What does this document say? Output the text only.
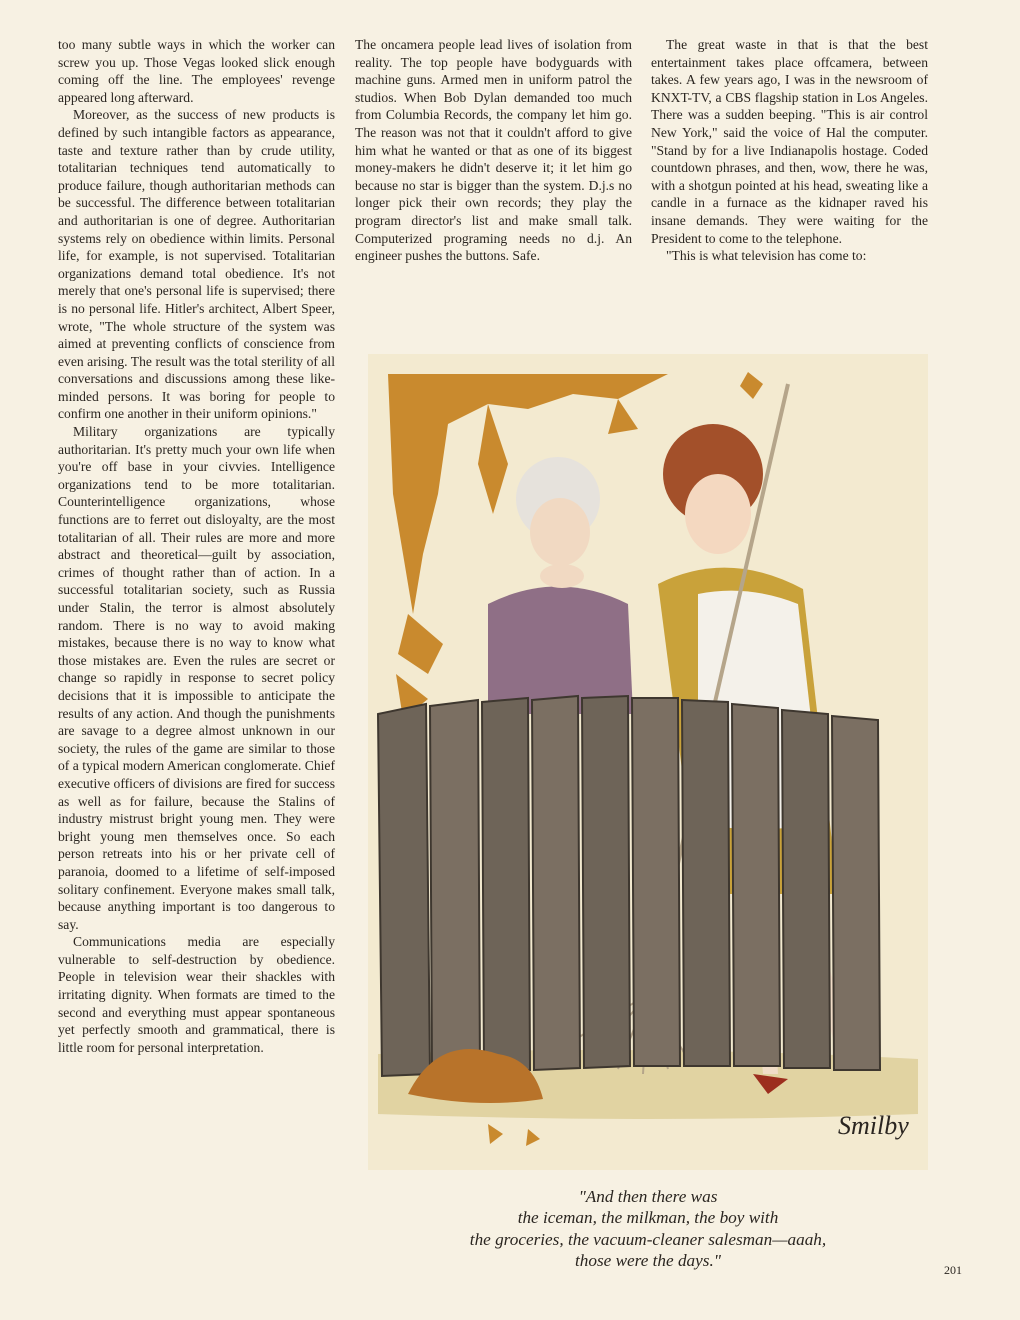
too many subtle ways in which the worker can screw you up. Those Vegas looked slick enough coming off the line. The employees' revenge appeared long afterward.

Moreover, as the success of new products is defined by such intangible factors as appearance, taste and texture rather than by crude utility, totalitarian techniques tend automatically to produce failure, though authoritarian methods can be successful. The difference between totalitarian and authoritarian is one of degree. Authoritarian systems rely on obedience within limits. Personal life, for example, is not supervised. Totalitarian organizations demand total obedience. It's not merely that one's personal life is supervised; there is no personal life. Hitler's architect, Albert Speer, wrote, "The whole structure of the system was aimed at preventing conflicts of conscience from even arising. The result was the total sterility of all conversations and discussions among these like-minded persons. It was boring for people to confirm one another in their uniform opinions."

Military organizations are typically authoritarian. It's pretty much your own life when you're off base in your civvies. Intelligence organizations tend to be more totalitarian. Counterintelligence organizations, whose functions are to ferret out disloyalty, are the most totalitarian of all. Their rules are more and more abstract and theoretical—guilt by association, crimes of thought rather than of action. In a successful totalitarian society, such as Russia under Stalin, the terror is almost absolutely random. There is no way to avoid making mistakes, because there is no way to know what those mistakes are. Even the rules are secret or change so rapidly in response to secret policy decisions that it is impossible to anticipate the results of any action. And though the punishments are savage to a degree almost unknown in our society, the rules of the game are similar to those of a typical modern American conglomerate. Chief executive officers of divisions are fired for success as well as for failure, because the Stalins of industry mistrust bright young men. They were bright young men themselves once. So each person retreats into his or her private cell of paranoia, doomed to a lifetime of self-imposed solitary confinement. Everyone makes small talk, because anything important is too dangerous to say.

Communications media are especially vulnerable to self-destruction by obedience. People in television wear their shackles with irritating dignity. When formats are timed to the second and everything must appear spontaneous yet perfectly smooth and grammatical, there is little room for personal interpretation.

The oncamera people lead lives of isolation from reality. The top people have bodyguards with machine guns. Armed men in uniform patrol the studios. When Bob Dylan demanded too much from Columbia Records, the company let him go. The reason was not that it couldn't afford to give him what he wanted or that as one of its biggest money-makers he didn't deserve it; it let him go because no star is bigger than the system. D.j.s no longer pick their own records; they play the program director's list and make small talk. Computerized programing needs no d.j. An engineer pushes the buttons. Safe.

The great waste in that is that the best entertainment takes place offcamera, between takes. A few years ago, I was in the newsroom of KNXT-TV, a CBS flagship station in Los Angeles. There was a sudden beeping. "This is air control New York," said the voice of Hal the computer. "Stand by for a live Indianapolis hostage. Coded countdown phrases, and then, wow, there he was, with a shotgun pointed at his head, sweating like a candle in a furnace as the kidnaper raved his insane demands. They were waiting for the President to come to the telephone.

"This is what television has come to:

Smilby
"And then there was
the iceman, the milkman, the boy with
the groceries, the vacuum-cleaner salesman—aaah,
those were the days."	201
